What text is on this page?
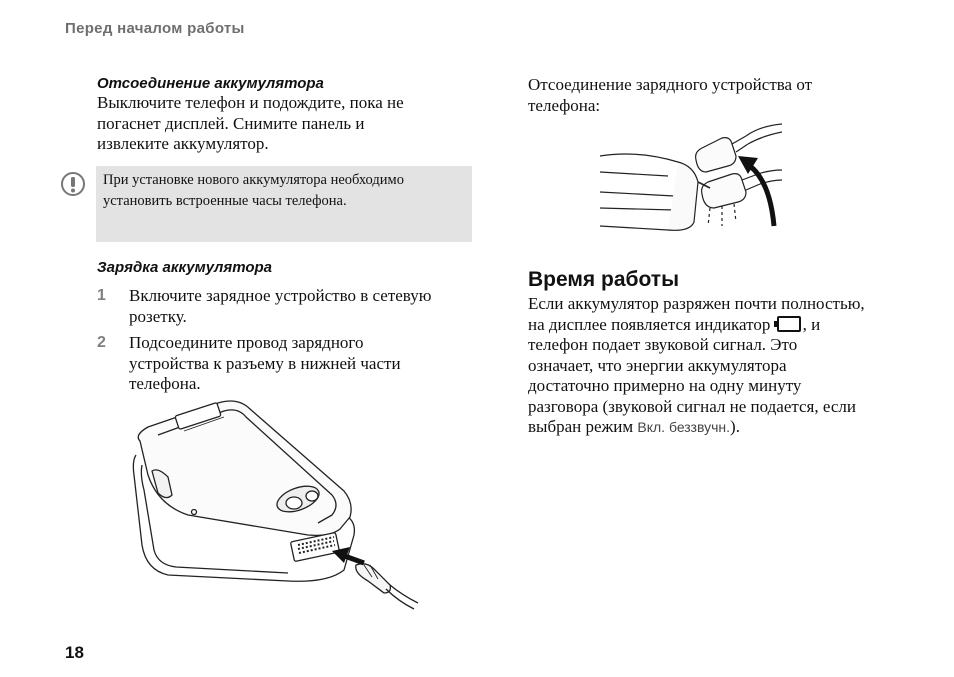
Перед началом работы
Отсоединение аккумулятора
Выключите телефон и подождите, пока не
погаснет дисплей. Снимите панель и
извлеките аккумулятор.
При установке нового аккумулятора необходимо
установить встроенные часы телефона.
Зарядка аккумулятора
1 Включите зарядное устройство в сетевую
розетку.
2 Подсоедините провод зарядного
устройства к разъему в нижней части
телефона.
Отсоединение зарядного устройства от
телефона:
Время работы
Если аккумулятор разряжен почти полностью,
на дисплее появляется индикатор , и
телефон подает звуковой сигнал. Это
означает, что энергии аккумулятора
достаточно примерно на одну минуту
разговора (звуковой сигнал не подается, если
выбран режим Вкл. беззвучн.).
18
